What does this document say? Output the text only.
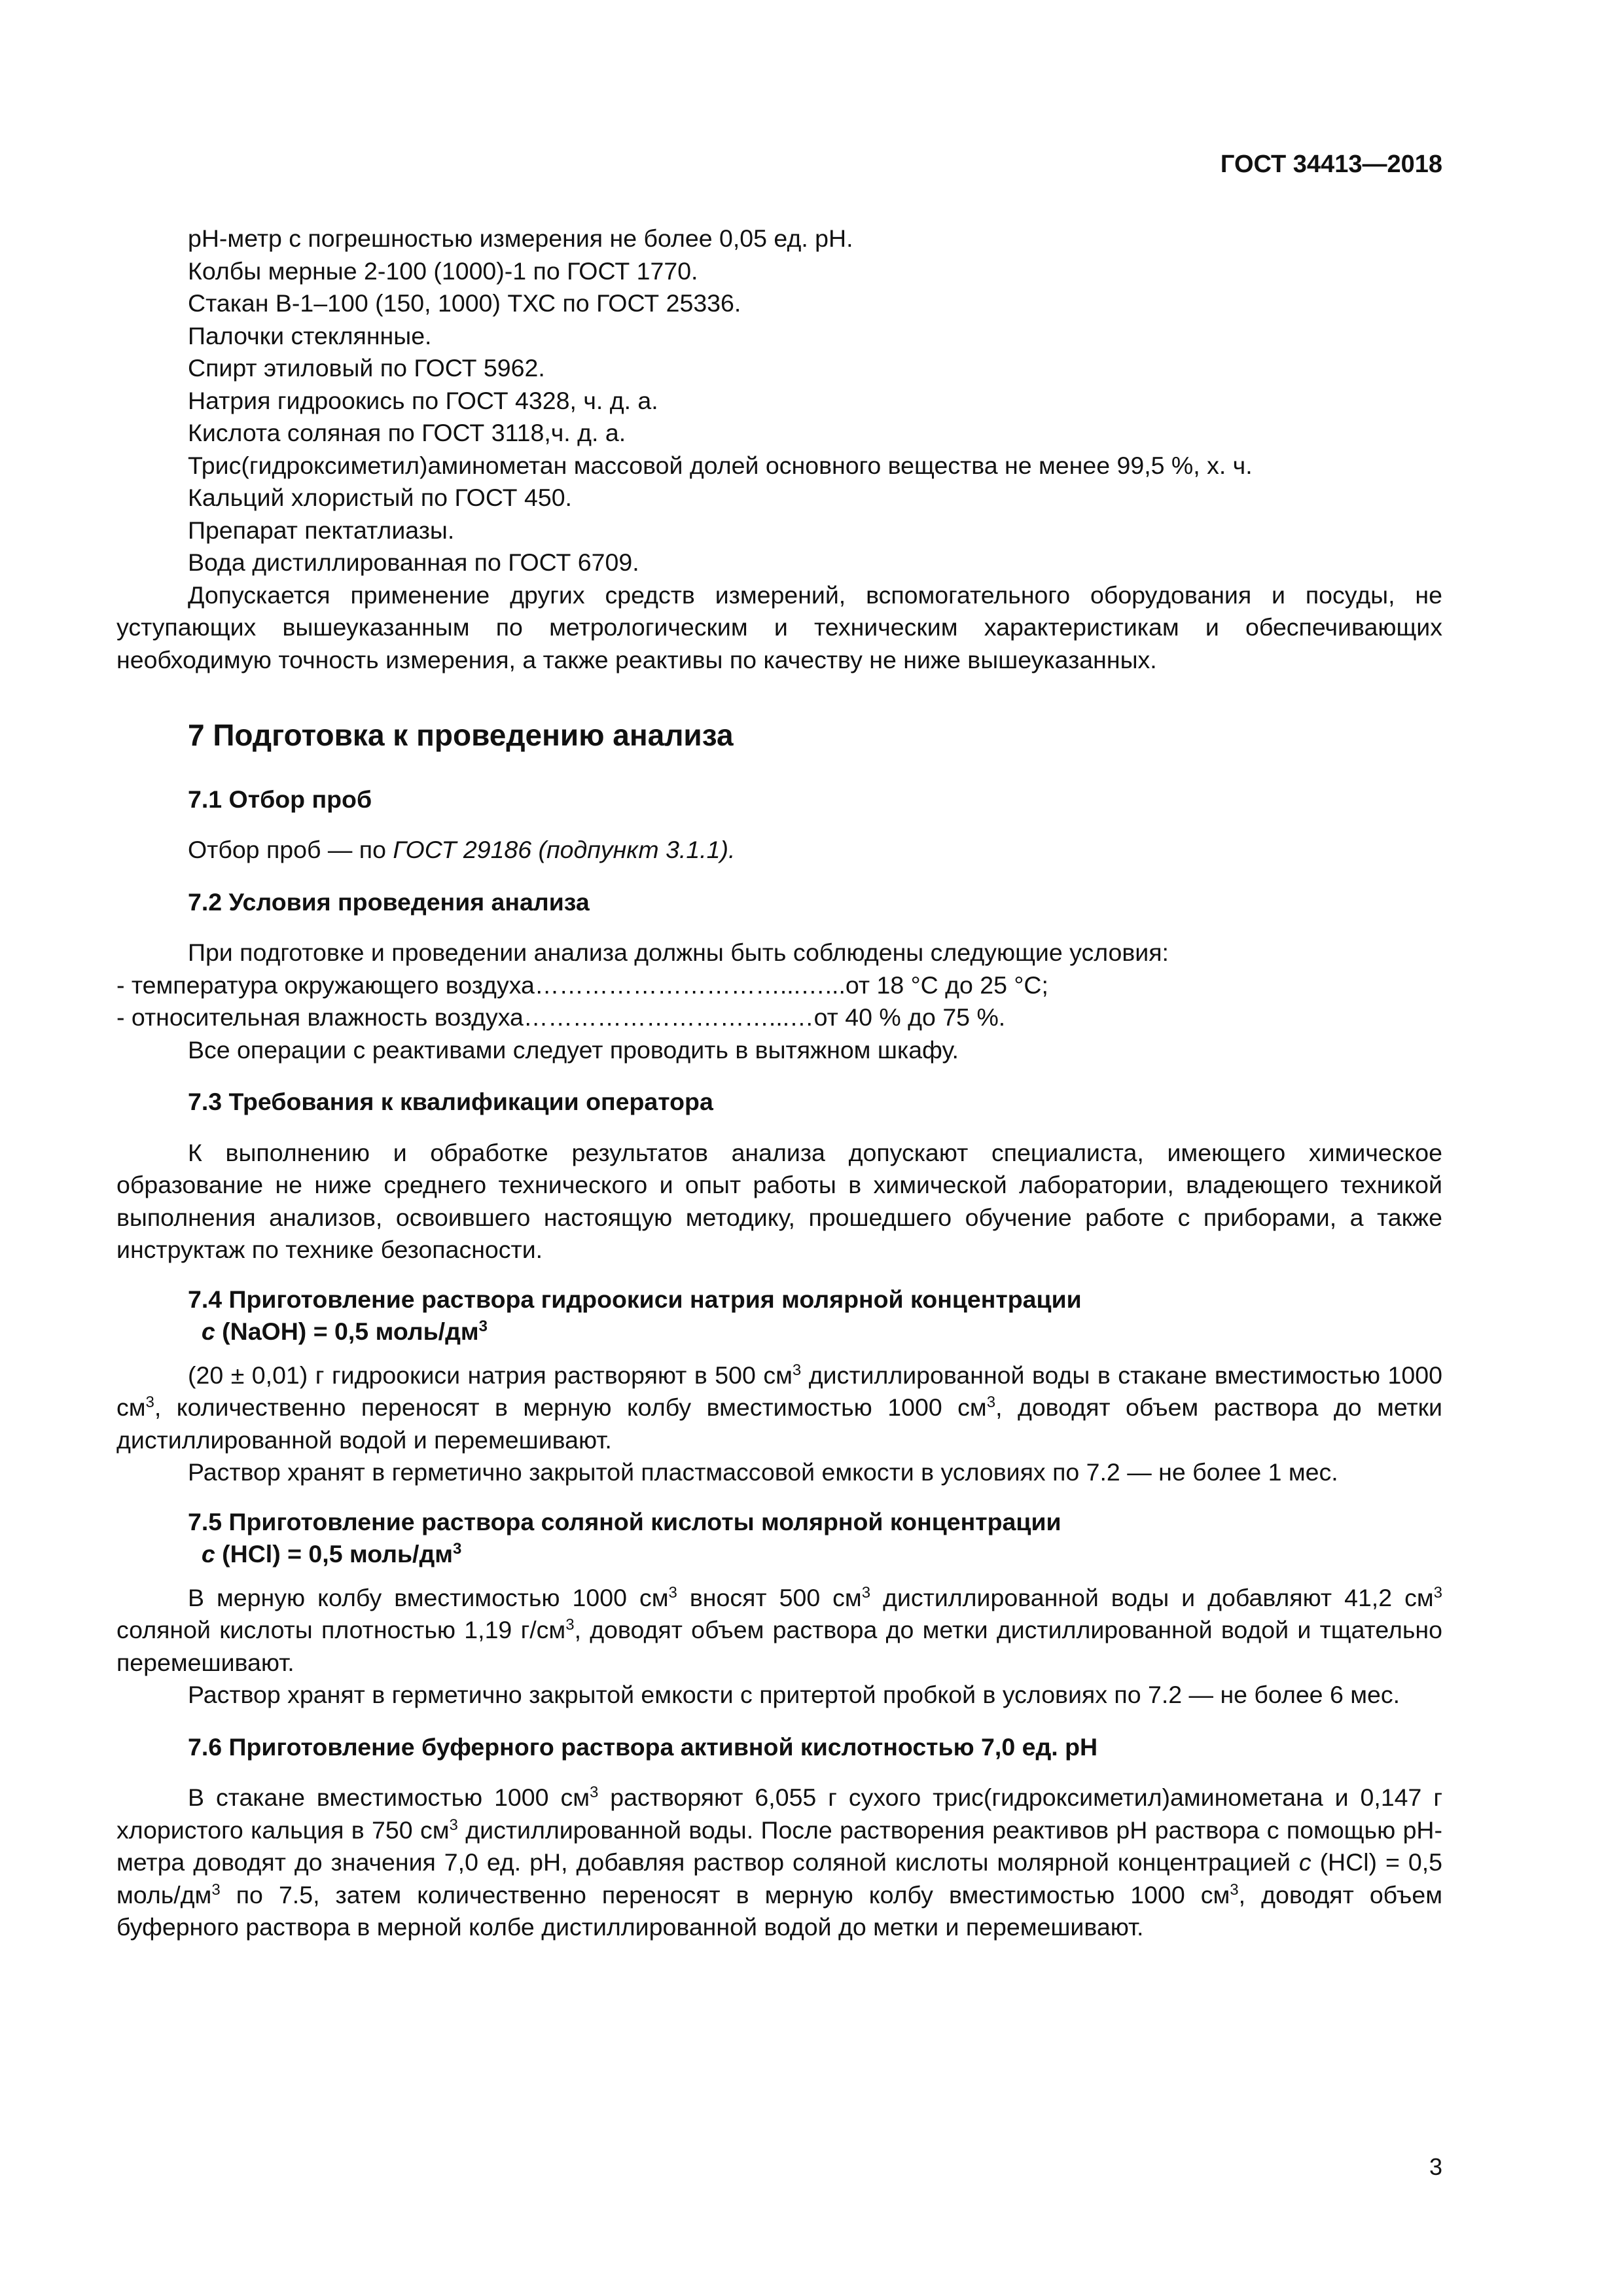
ГОСТ 34413—2018

рН-метр с погрешностью измерения не более 0,05 ед. рН.

Колбы мерные 2-100 (1000)-1 по ГОСТ 1770.

Стакан В-1–100 (150, 1000) ТХС по ГОСТ 25336.

Палочки стеклянные.

Спирт этиловый по ГОСТ 5962.

Натрия гидроокись по ГОСТ 4328, ч. д. а.

Кислота соляная по ГОСТ 3118,ч. д. а.

Трис(гидроксиметил)аминометан массовой долей основного вещества не менее 99,5 %, х. ч.

Кальций хлористый по ГОСТ 450.

Препарат пектатлиазы.

Вода дистиллированная по ГОСТ 6709.

Допускается применение других средств измерений, вспомогательного оборудования и посуды, не уступающих вышеуказанным по метрологическим и техническим характеристикам и обеспечивающих необходимую точность измерения, а также реактивы по качеству не ниже вышеуказанных.

7 Подготовка к проведению анализа
7.1 Отбор проб

Отбор проб — по ГОСТ 29186 (подпункт 3.1.1).

7.2 Условия проведения анализа

При подготовке и проведении анализа должны быть соблюдены следующие условия:

- температура окружающего воздуха…………………………...…...от 18 °С до 25 °С;

- относительная влажность воздуха…………………………...…от 40 % до 75 %.

Все операции с реактивами следует проводить в вытяжном шкафу.

7.3 Требования к квалификации оператора

К выполнению и обработке результатов анализа допускают специалиста, имеющего химическое образование не ниже среднего технического и опыт работы в химической лаборатории, владеющего техникой выполнения анализов, освоившего настоящую методику, прошедшего обучение работе с приборами, а также инструктаж по технике безопасности.

7.4 Приготовление раствора гидроокиси натрия молярной концентрации
c (NaOH) = 0,5 моль/$дм^3$

(20 ± 0,01) г гидроокиси натрия растворяют в 500 $см^3$ дистиллированной воды в стакане вместимостью 1000 $см^3$, количественно переносят в мерную колбу вместимостью 1000 $см^3$, доводят объем раствора до метки дистиллированной водой и перемешивают.

Раствор хранят в герметично закрытой пластмассовой емкости в условиях по 7.2 — не более 1 мес.

7.5 Приготовление раствора соляной кислоты молярной концентрации
c (HCl) = 0,5 моль/$дм^3$

В мерную колбу вместимостью 1000 $см^3$ вносят 500 $см^3$ дистиллированной воды и добавляют 41,2 $см^3$ соляной кислоты плотностью 1,19 $г/см^3$, доводят объем раствора до метки дистиллированной водой и тщательно перемешивают.

Раствор хранят в герметично закрытой емкости с притертой пробкой в условиях по 7.2 — не более 6 мес.

7.6 Приготовление буферного раствора активной кислотностью 7,0 ед. рН

В стакане вместимостью 1000 $см^3$ растворяют 6,055 г сухого трис(гидроксиметил)аминометана и 0,147 г хлористого кальция в 750 $см^3$ дистиллированной воды. После растворения реактивов рН раствора с помощью рН-метра доводят до значения 7,0 ед. рН, добавляя раствор соляной кислоты молярной концентрацией c (HCl) = 0,5 моль/$дм^3$ по 7.5, затем количественно переносят в мерную колбу вместимостью 1000 $см^3$, доводят объем буферного раствора в мерной колбе дистиллированной водой до метки и перемешивают.

3
